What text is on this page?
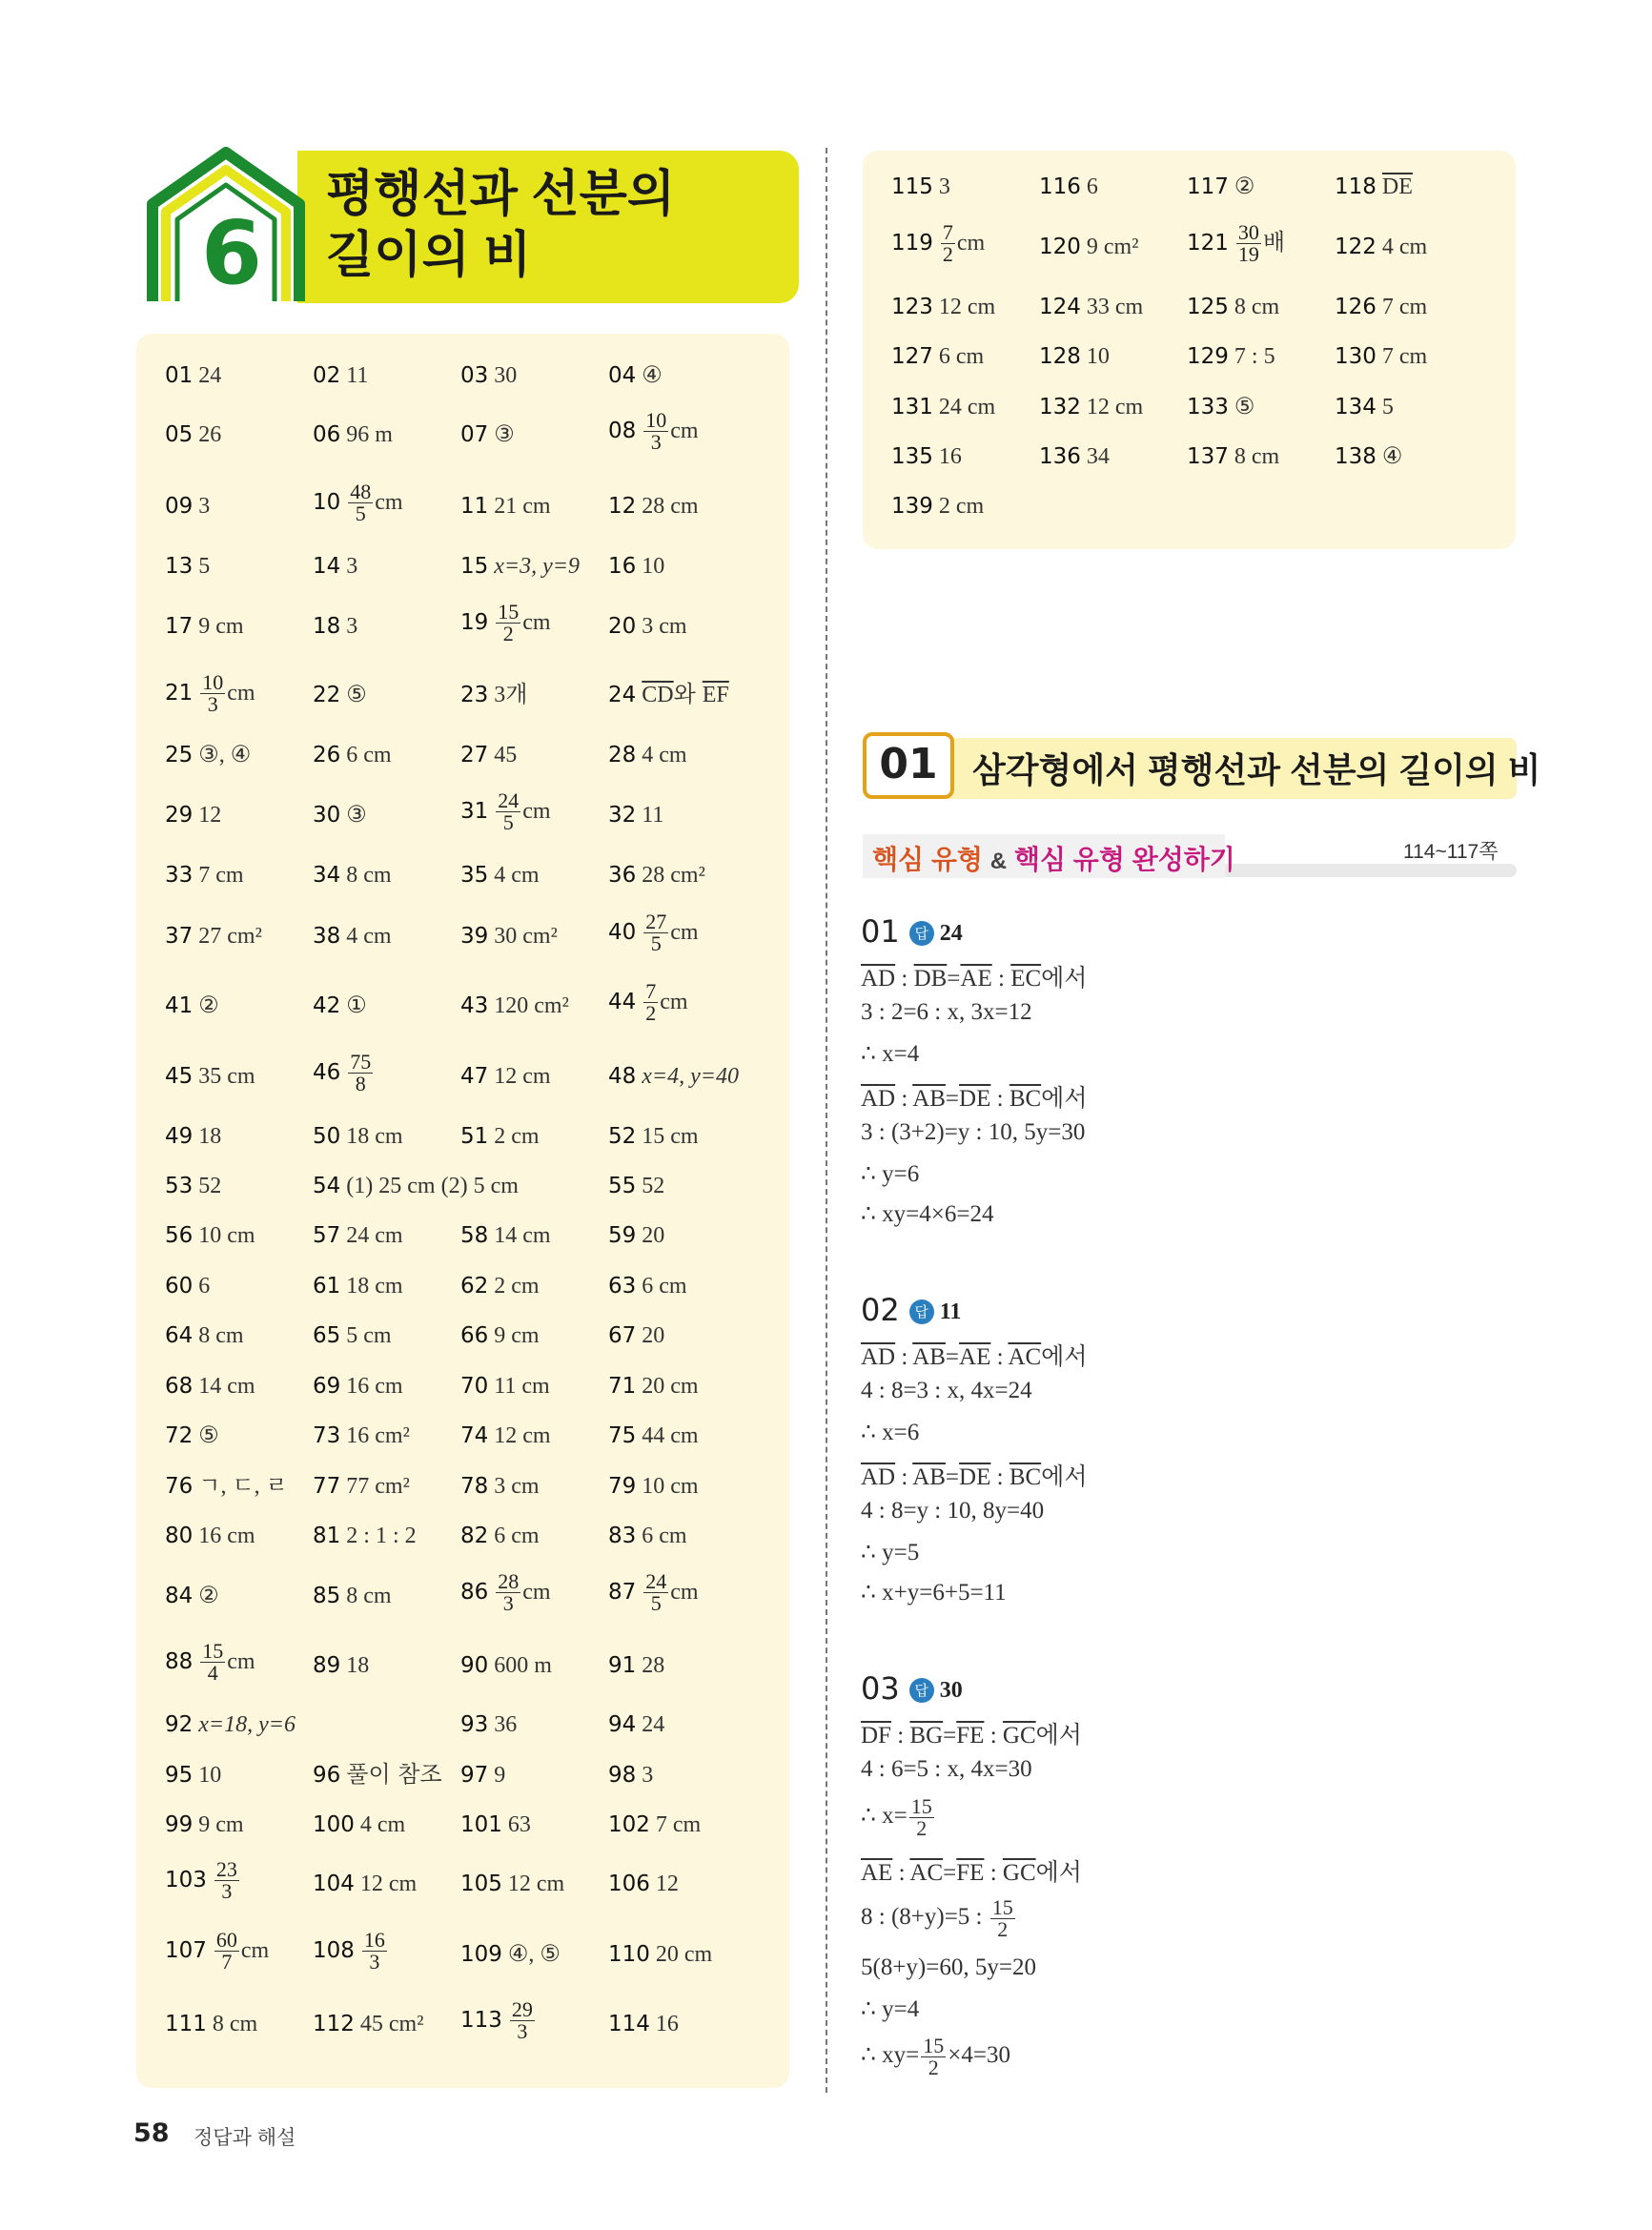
6
평행선과 선분의
길이의 비
01 24	02 11	03 30	04 ④
05 26	06 96 m	07 ③	$08 \frac{10}{3}$ cm
09 3	$10 \frac{48}{5}$ cm	11 21 cm	12 28 cm
13 5	14 3	15 x=3, y=9 16 10
17 9 cm	18 3	$19 \frac{15}{2}$ cm	20 3 cm
$21 \frac{10}{3}$ cm	22 ⑤	23 3개	24 $\overline{CD}$와 $\overline{EF}$
25 ③, ④	26 6 cm	27 45	28 4 cm
29 12	30 ③	$31 \frac{24}{5}$ cm	32 11
33 7 cm	34 8 cm	35 4 cm	36 28 cm²
37 27 cm² 38 4 cm	39 30 cm² $40 \frac{27}{5}$ cm
41 ②	42 ①	43 120 cm² $44 \frac{7}{2}$ cm
45 35 cm	$46 \frac{75}{8}$	47 12 cm	48 x=4, y=40
49 18	50 18 cm	51 2 cm	52 15 cm
53 52	54 (1) 25 cm (2) 5 cm	55 52
56 10 cm	57 24 cm	58 14 cm	59 20
60 6	61 18 cm	62 2 cm	63 6 cm
64 8 cm	65 5 cm	66 9 cm	67 20
68 14 cm	69 16 cm	70 11 cm	71 20 cm
72 ⑤	73 16 cm² 74 12 cm	75 44 cm
76 ㄱ, ㄷ, ㄹ 77 77 cm² 78 3 cm	79 10 cm
80 16 cm	81 2 : 1 : 2 82 6 cm	83 6 cm
84 ②	85 8 cm	$86 \frac{28}{3}$ cm	$87 \frac{24}{5}$ cm
$88 \frac{15}{4}$ cm	89 18	90 600 m	91 28
92 x=18, y=6	93 36	94 24
95 10	96 풀이 참조 97 9	98 3
99 9 cm	100 4 cm	101 63	102 7 cm
$103 \frac{23}{3}$	104 12 cm 105 12 cm 106 12
$107 \frac{60}{7}$ cm $108 \frac{16}{3}$	109 ④, ⑤ 110 20 cm
111 8 cm	112 45 cm² $113 \frac{29}{3}$	114 16
115 3	116 6	117 ②	118 $\overline{DE}$
$119 \frac{7}{2}$ cm 120 9 cm² $121 \frac{30}{19}$ 배 122 4 cm
123 12 cm 124 33 cm 125 8 cm	126 7 cm
127 6 cm	128 10	129 7 : 5	130 7 cm
131 24 cm 132 12 cm 133 ⑤	134 5
135 16	136 34	137 8 cm	138 ④
139 2 cm
01	삼각형에서 평행선과 선분의 길이의 비
핵심 유형 & 핵심 유형 완성하기	114~117쪽
01 답 24
$\overline{AD}$ : $\overline{DB}=\overline{AE}$ : $\overline{EC}$에서
3 : 2=6 : x, 3x=12
∴ x=4
$\overline{AD}$ : $\overline{AB}=\overline{DE}$ : $\overline{BC}$에서
3 : (3+2)=y : 10, 5y=30
∴ y=6
∴ xy=4×6=24
02 답 11
$\overline{AD}$ : $\overline{AB}=\overline{AE}$ : $\overline{AC}$에서
4 : 8=3 : x, 4x=24
∴ x=6
$\overline{AD}$ : $\overline{AB}=\overline{DE}$ : $\overline{BC}$에서
4 : 8=y : 10, 8y=40
∴ y=5
∴ x+y=6+5=11
03 답 30
$\overline{DF}$ : $\overline{BG}=\overline{FE}$ : $\overline{GC}$에서
4 : 6=5 : x, 4x=30
∴ $x= \frac{15}{2}$
$\overline{AE}$ : $\overline{AC}=\overline{FE}$ : $\overline{GC}$에서
8 : (8+y)=5 : $\frac{15}{2}$
5(8+y)=60, 5y=20
∴ y=4
∴ $xy= \frac{15}{2} \times 4=30$
58 정답과 해설
